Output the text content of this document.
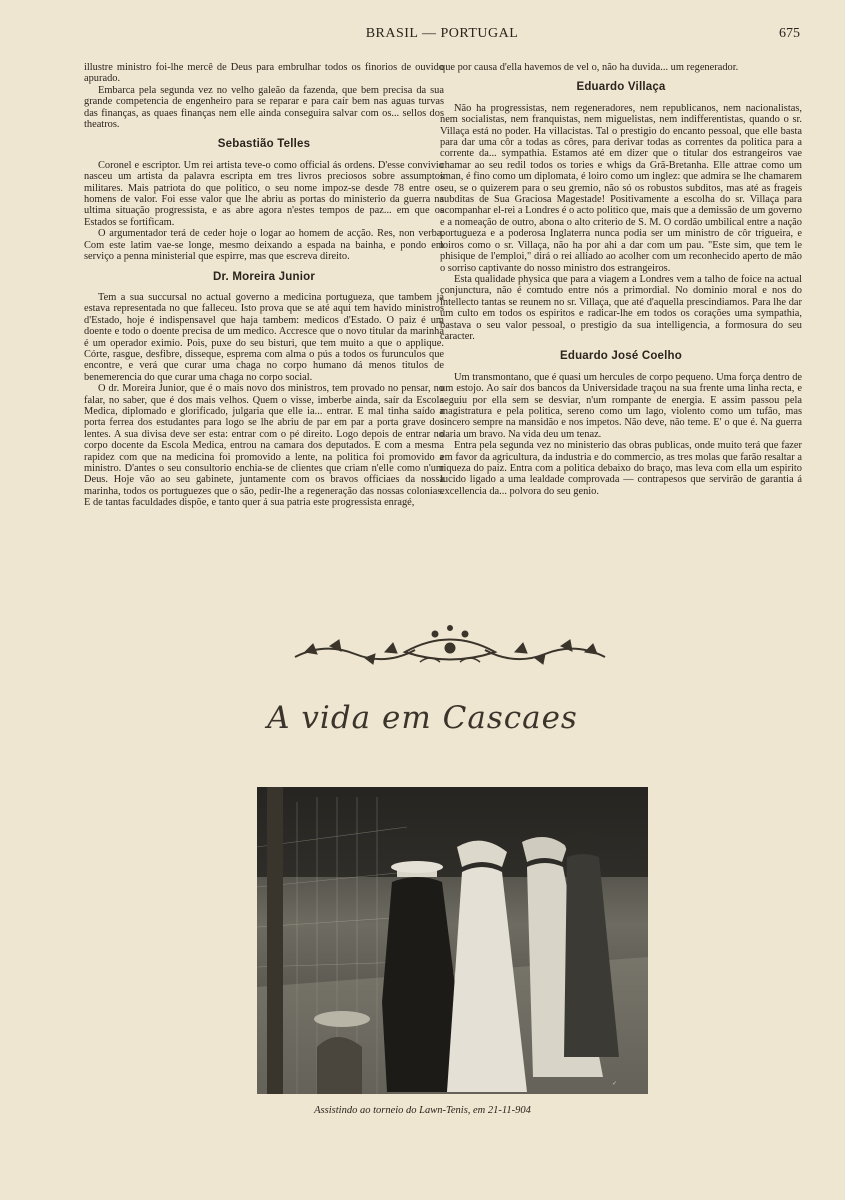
BRASIL — PORTUGAL	675

illustre ministro foi-lhe mercê de Deus para embrulhar todos os finorios de ouvido apurado.

Embarca pela segunda vez no velho galeão da fazenda, que bem precisa da sua grande competencia de engenheiro para se reparar e para caír bem nas aguas turvas das finanças, as quaes finanças nem elle ainda conseguira salvar com os... sellos dos theatros.

Sebastião Telles

Coronel e escriptor. Um rei artista teve-o como official ás ordens. D'esse convivio nasceu um artista da palavra escripta em tres livros preciosos sobre assumptos militares. Mais patriota do que politico, o seu nome impoz-se desde 78 entre os homens de valor. Foi esse valor que lhe abriu as portas do ministerio da guerra na ultima situação progressista, e as abre agora n'estes tempos de paz... em que os Estados se fortificam.

O argumentador terá de ceder hoje o logar ao homem de acção. Res, non verba. Com este latim vae-se longe, mesmo deixando a espada na bainha, e pondo em serviço a penna ministerial que espirre, mas que escreva direito.

Dr. Moreira Junior

Tem a sua succursal no actual governo a medicina portugueza, que tambem já estava representada no que falleceu. Isto prova que se até aqui tem havido ministros d'Estado, hoje é indispensavel que haja tambem: medicos d'Estado. O paiz é um doente e todo o doente precisa de um medico. Accresce que o novo titular da marinha é um operador eximio. Pois, puxe do seu bisturi, que tem muito a que o applique. Córte, rasgue, desfibre, disseque, esprema com alma o pús a todos os furunculos que encontre, e verá que curar uma chaga no corpo humano dá menos titulos de benemerencia do que curar uma chaga no corpo social.

O dr. Moreira Junior, que é o mais novo dos ministros, tem provado no pensar, no falar, no saber, que é dos mais velhos. Quem o visse, imberbe ainda, saír da Escola Medica, diplomado e glorificado, julgaria que elle ia... entrar. E mal tinha saído a porta ferrea dos estudantes para logo se lhe abriu de par em par a porta grave dos lentes. A sua divisa deve ser esta: entrar com o pé direito. Logo depois de entrar no corpo docente da Escola Medica, entrou na camara dos deputados. E com a mesma rapidez com que na medicina foi promovido a lente, na politica foi promovido a ministro. D'antes o seu consultorio enchia-se de clientes que criam n'elle como n'um Deus. Hoje vão ao seu gabinete, juntamente com os bravos officiaes da nossa marinha, todos os portuguezes que o são, pedir-lhe a regeneração das nossas colonias. E de tantas faculdades dispõe, e tanto quer á sua patria este progressista enragé,

que por causa d'ella havemos de vel o, não ha duvida... um regenerador.

Eduardo Villaça

Não ha progressistas, nem regeneradores, nem republicanos, nem nacionalistas, nem socialistas, nem franquistas, nem miguelistas, nem indifferentistas, quando o sr. Villaça está no poder. Ha villacistas. Tal o prestigio do encanto pessoal, que elle basta para dar uma côr a todas as côres, para derivar todas as correntes da politica para a corrente da... sympathia. Estamos até em dizer que o titular dos estrangeiros vae chamar ao seu redil todos os tories e whigs da Grã-Bretanha. Elle attrae como um iman, é fino como um diplomata, é loiro como um inglez: que admira se lhe chamarem seu, se o quizerem para o seu gremio, não só os robustos subditos, mas até as frageis subditas de Sua Graciosa Magestade! Positivamente a escolha do sr. Villaça para acompanhar el-rei a Londres é o acto politico que, mais que a demissão de um governo e a nomeação de outro, abona o alto criterio de S. M. O cordão umbilical entre a nação portugueza e a poderosa Inglaterra nunca podia ser um ministro de côr trigueira, e loiros como o sr. Villaça, não ha por ahi a dar com um pau. "Este sim, que tem le phisique de l'emploi," dirá o rei alliado ao acolher com um reconhecido aperto de mão o sorriso captivante do nosso ministro dos estrangeiros.

Esta qualidade physica que para a viagem a Londres vem a talho de foice na actual conjunctura, não é comtudo entre nós a primordial. No dominio moral e nos do intellecto tantas se reunem no sr. Villaça, que até d'aquella prescindiamos. Para lhe dar um culto em todos os espiritos e radicar-lhe em todos os corações uma sympathia, bastava o seu valor pessoal, o prestigio da sua intelligencia, a formosura do seu caracter.

Eduardo José Coelho

Um transmontano, que é quasi um hercules de corpo pequeno. Uma força dentro de um estojo. Ao saír dos bancos da Universidade traçou na sua frente uma linha recta, e seguiu por ella sem se desviar, n'um rompante de energia. E assim passou pela magistratura e pela politica, sereno como um lago, violento como um tufão, mas sincero sempre na mansidão e nos impetos. Não deve, não teme. E' o que é. Na guerra daria um bravo. Na vida deu um tenaz.

Entra pela segunda vez no ministerio das obras publicas, onde muito terá que fazer em favor da agricultura, da industria e do commercio, as tres molas que farão resaltar a riqueza do paiz. Entra com a politica debaixo do braço, mas leva com ella um espirito lucido ligado a uma lealdade comprovada — contrapesos que servirão de garantia á excellencia da... polvora do seu genio.

A vida em Cascaes
✓
Assistindo ao torneio do Lawn-Tenis, em 21-11-904
